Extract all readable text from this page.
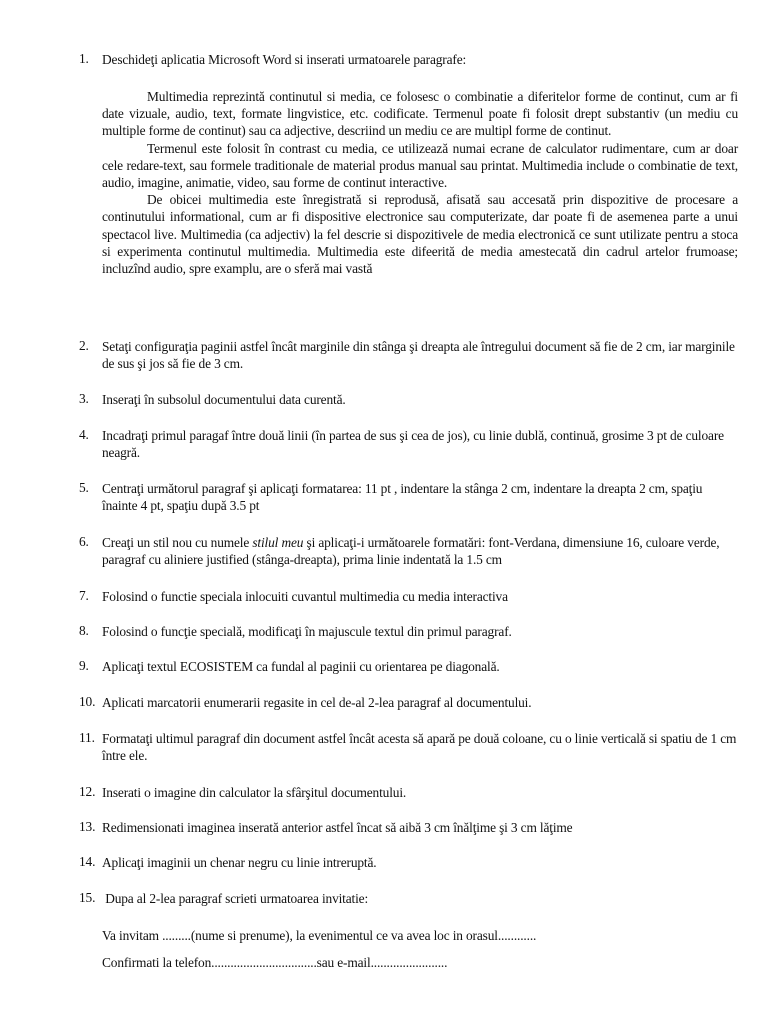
1. Deschideţi aplicatia Microsoft Word si inserati urmatoarele paragrafe:
Multimedia reprezintă continutul si media, ce folosesc o combinatie a diferitelor forme de continut, cum ar fi date vizuale, audio, text, formate lingvistice, etc. codificate. Termenul poate fi folosit drept substantiv (un mediu cu multiple forme de continut) sau ca adjective, descriind un mediu ce are multipl forme de continut.
Termenul este folosit în contrast cu media, ce utilizează numai ecrane de calculator rudimentare, cum ar doar cele redare-text, sau formele traditionale de material produs manual sau printat. Multimedia include o combinatie de text, audio, imagine, animatie, video, sau forme de continut interactive.
De obicei multimedia este înregistrată si reprodusă, afisată sau accesată prin dispozitive de procesare a continutului informational, cum ar fi dispositive electronice sau computerizate, dar poate fi de asemenea parte a unui spectacol live. Multimedia (ca adjectiv) la fel descrie si dispozitivele de media electronică ce sunt utilizate pentru a stoca si experimenta continutul multimedia. Multimedia este difeerită de media amestecată din cadrul artelor frumoase; incluzînd audio, spre examplu, are o sferă mai vastă
2. Setaţi configuraţia paginii astfel încât marginile din stânga şi dreapta ale întregului document să fie de 2 cm, iar marginile de sus şi jos să fie de 3 cm.
3. Inseraţi în subsolul documentului data curentă.
4. Incadraţi primul paragaf între două linii (în partea de sus şi cea de jos), cu linie dublă, continuă, grosime 3 pt de culoare neagră.
5. Centraţi următorul paragraf şi aplicaţi formatarea: 11 pt , indentare la stânga 2 cm, indentare la dreapta 2 cm, spaţiu înainte 4 pt, spaţiu după 3.5 pt
6. Creaţi un stil nou cu numele stilul meu şi aplicaţi-i următoarele formatări: font-Verdana, dimensiune 16, culoare verde, paragraf cu aliniere justified (stânga-dreapta), prima linie indentată la 1.5 cm
7. Folosind o functie speciala inlocuiti cuvantul multimedia cu media interactiva
8. Folosind o funcţie specială, modificaţi în majuscule textul din primul paragraf.
9. Aplicaţi textul ECOSISTEM ca fundal al paginii cu orientarea pe diagonală.
10. Aplicati marcatorii enumerarii regasite in cel de-al 2-lea paragraf al documentului.
11. Formataţi ultimul paragraf din document astfel încât acesta să apară pe două coloane, cu o linie verticală si spatiu de 1 cm între ele.
12. Inserati o imagine din calculator la sfârşitul documentului.
13. Redimensionati imaginea inserată anterior astfel încat să aibă 3 cm înălţime şi 3 cm lăţime
14. Aplicaţi imaginii un chenar negru cu linie intreruptă.
15. Dupa al 2-lea paragraf scrieti urmatoarea invitatie:
Va invitam .........(nume si prenume), la evenimentul ce va avea loc in orasul............
Confirmati la telefon.................................sau e-mail........................
